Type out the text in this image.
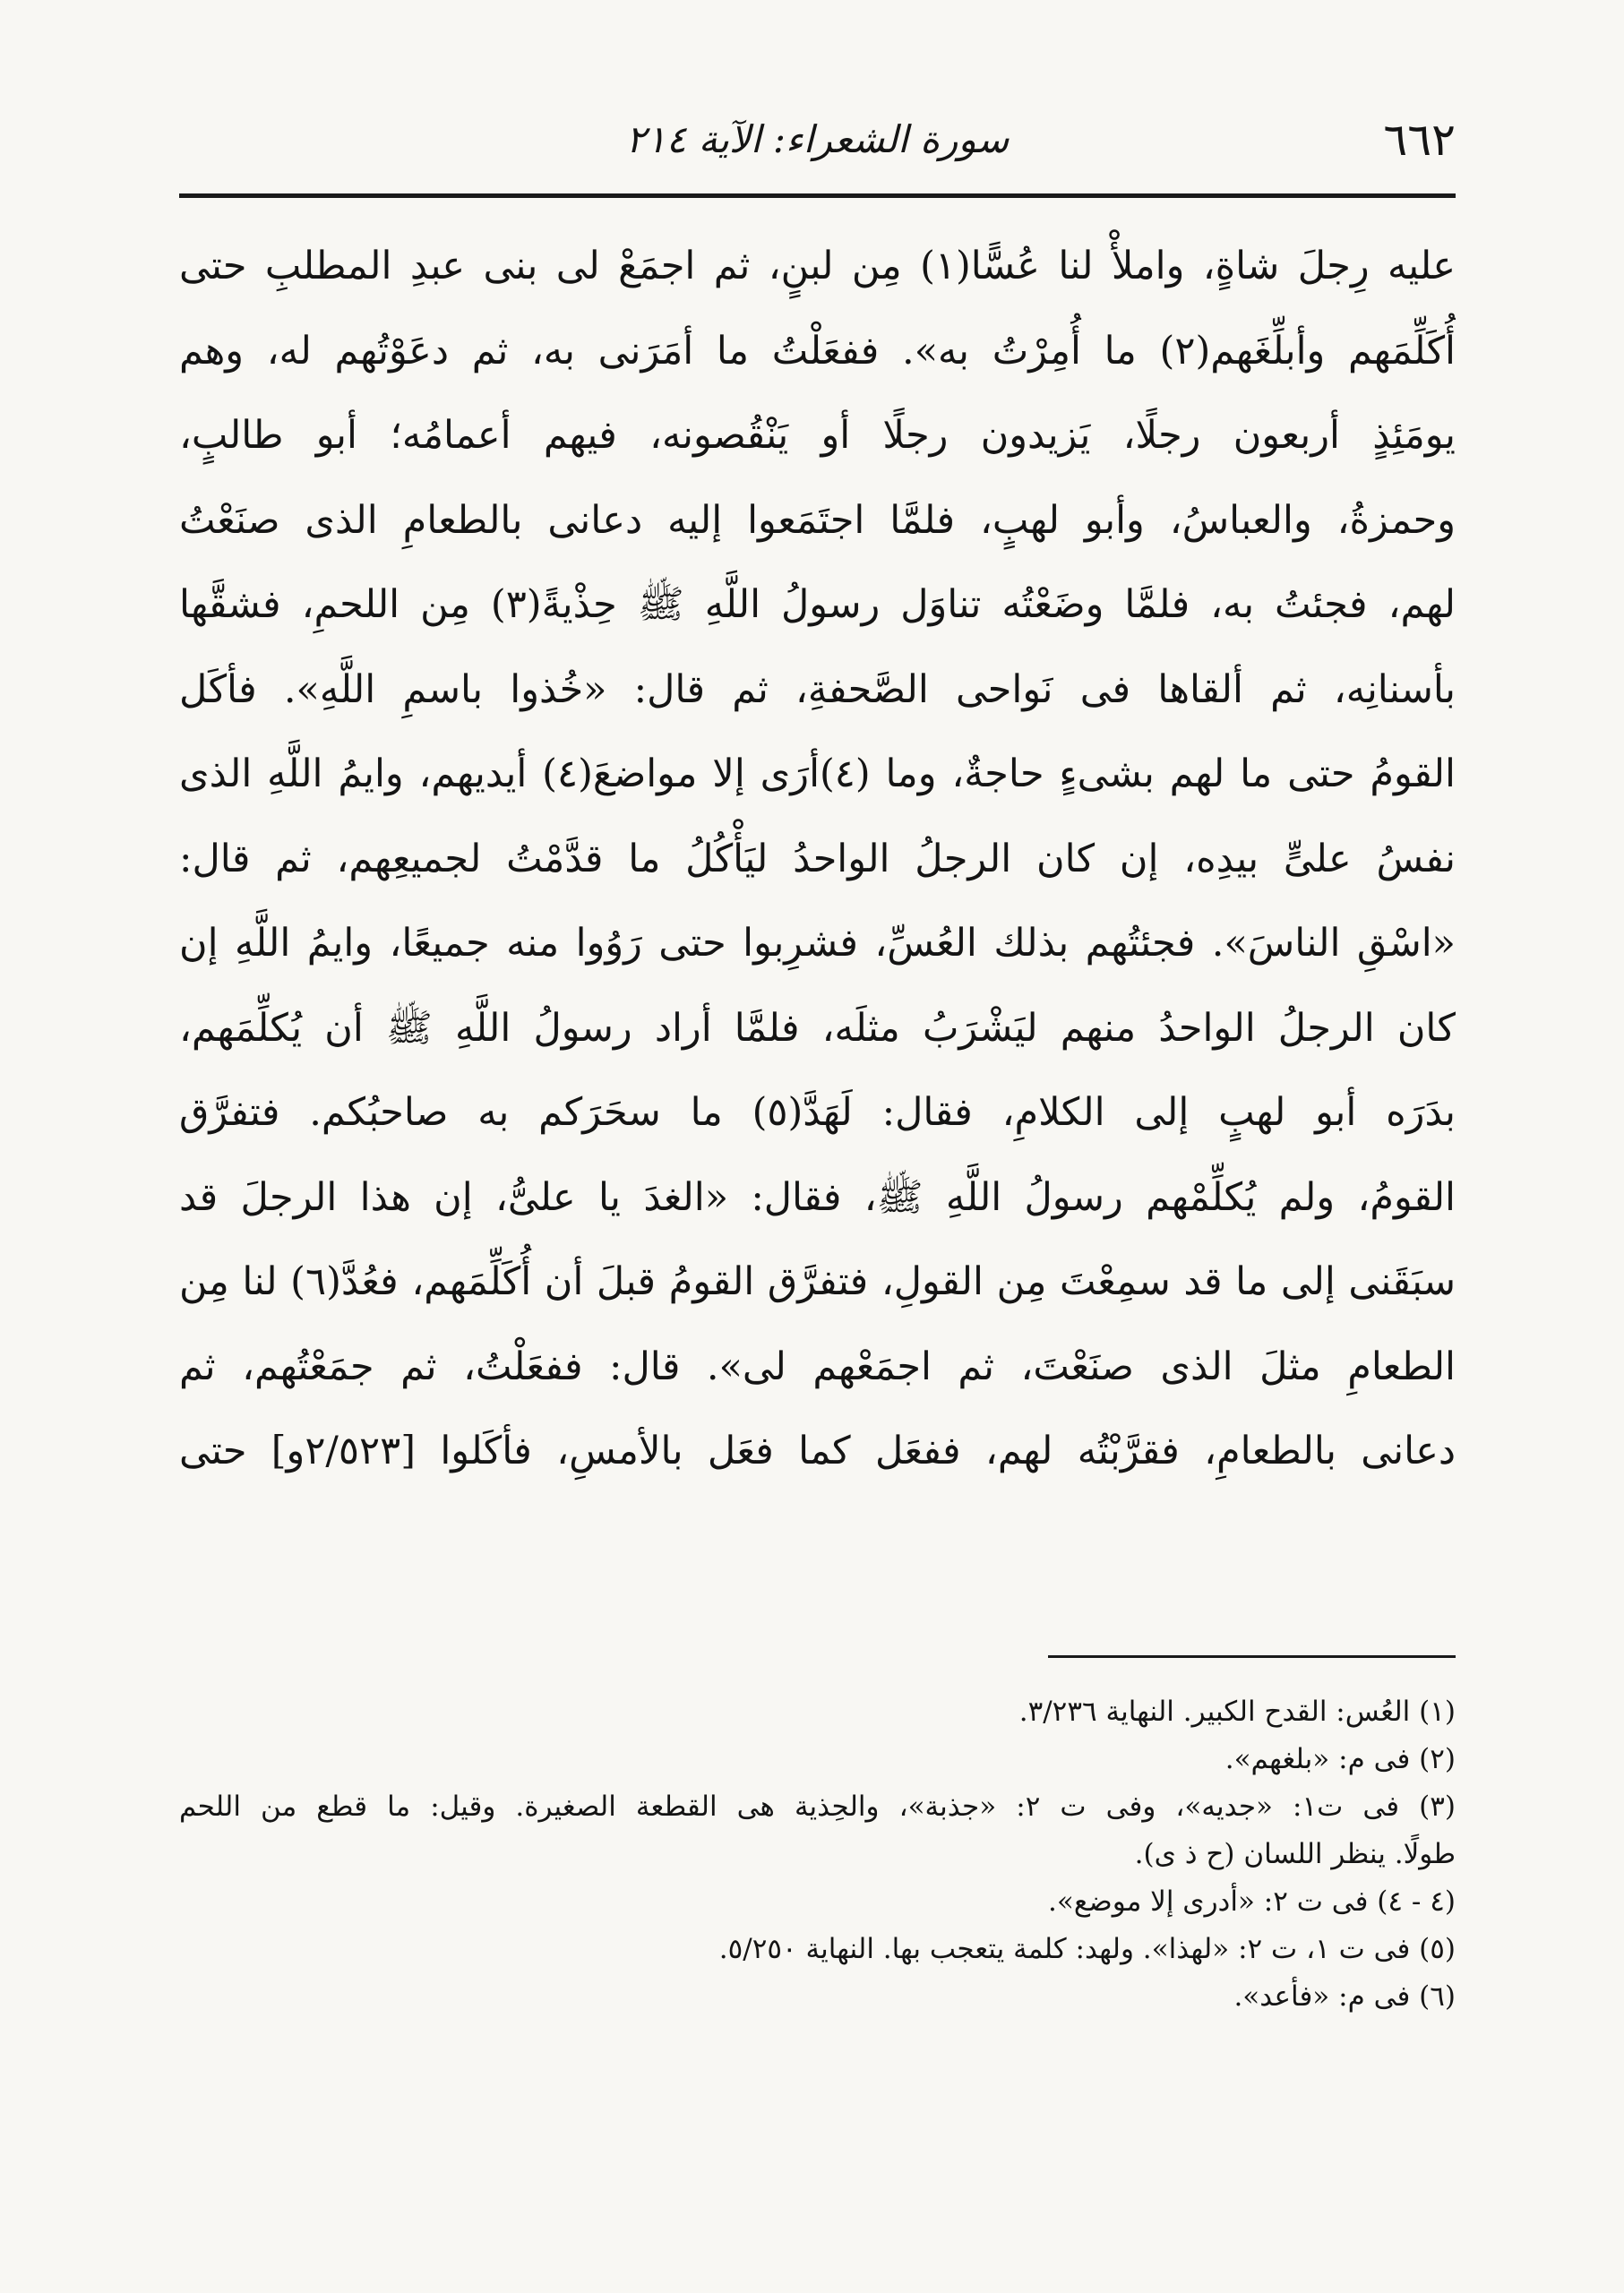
٦٦٢
سورة الشعراء: الآية ٢١٤
عليه رِجلَ شاةٍ، واملأْ لنا عُسًّا(١) مِن لبنٍ، ثم اجمَعْ لى بنى عبدِ المطلبِ حتى
أُكَلِّمَهم وأبلِّغَهم(٢) ما أُمِرْتُ به». ففعَلْتُ ما أمَرَنى به، ثم دعَوْتُهم له، وهم
يومَئِذٍ أربعون رجلًا، يَزيدون رجلًا أو يَنْقُصونه، فيهم أعمامُه؛ أبو طالبٍ،
وحمزةُ، والعباسُ، وأبو لهبٍ، فلمَّا اجتَمَعوا إليه دعانى بالطعامِ الذى صنَعْتُ
لهم، فجئتُ به، فلمَّا وضَعْتُه تناوَل رسولُ اللَّهِ ﷺ حِذْيةً(٣) مِن اللحمِ، فشقَّها
بأسنانِه، ثم ألقاها فى نَواحى الصَّحفةِ، ثم قال: «خُذوا باسمِ اللَّهِ». فأكَل
القومُ حتى ما لهم بشىءٍ حاجةٌ، وما (٤)أرَى إلا مواضعَ(٤) أيديهم، وايمُ اللَّهِ الذى
نفسُ علىٍّ بيدِه، إن كان الرجلُ الواحدُ ليَأْكُلُ ما قدَّمْتُ لجميعِهم، ثم قال:
«اسْقِ الناسَ». فجئتُهم بذلك العُسِّ، فشرِبوا حتى رَوُوا منه جميعًا، وايمُ اللَّهِ إن
كان الرجلُ الواحدُ منهم ليَشْرَبُ مثلَه، فلمَّا أراد رسولُ اللَّهِ ﷺ أن يُكلِّمَهم،
بدَرَه أبو لهبٍ إلى الكلامِ، فقال: لَهَدَّ(٥) ما سحَرَكم به صاحبُكم. فتفرَّق
القومُ، ولم يُكلِّمْهم رسولُ اللَّهِ ﷺ، فقال: «الغدَ يا علىُّ، إن هذا الرجلَ قد
سبَقَنى إلى ما قد سمِعْتَ مِن القولِ، فتفرَّق القومُ قبلَ أن أُكَلِّمَهم، فعُدَّ(٦) لنا مِن
الطعامِ مثلَ الذى صنَعْتَ، ثم اجمَعْهم لى». قال: ففعَلْتُ، ثم جمَعْتُهم، ثم
دعانى بالطعامِ، فقرَّبْتُه لهم، ففعَل كما فعَل بالأمسِ، فأكَلوا [٢/٥٢٣و] حتى
(١) العُس: القدح الكبير. النهاية ٣/٢٣٦.
(٢) فى م: «بلغهم».
(٣) فى ت١: «جديه»، وفى ت ٢: «جذبة»، والحِذية هى القطعة الصغيرة. وقيل: ما قطع من اللحم
طولًا. ينظر اللسان (ح ذ ى).
(٤ - ٤) فى ت ٢: «أدرى إلا موضع».
(٥) فى ت ١، ت ٢: «لهذا». ولهد: كلمة يتعجب بها. النهاية ٥/٢٥٠.
(٦) فى م: «فأعد».
